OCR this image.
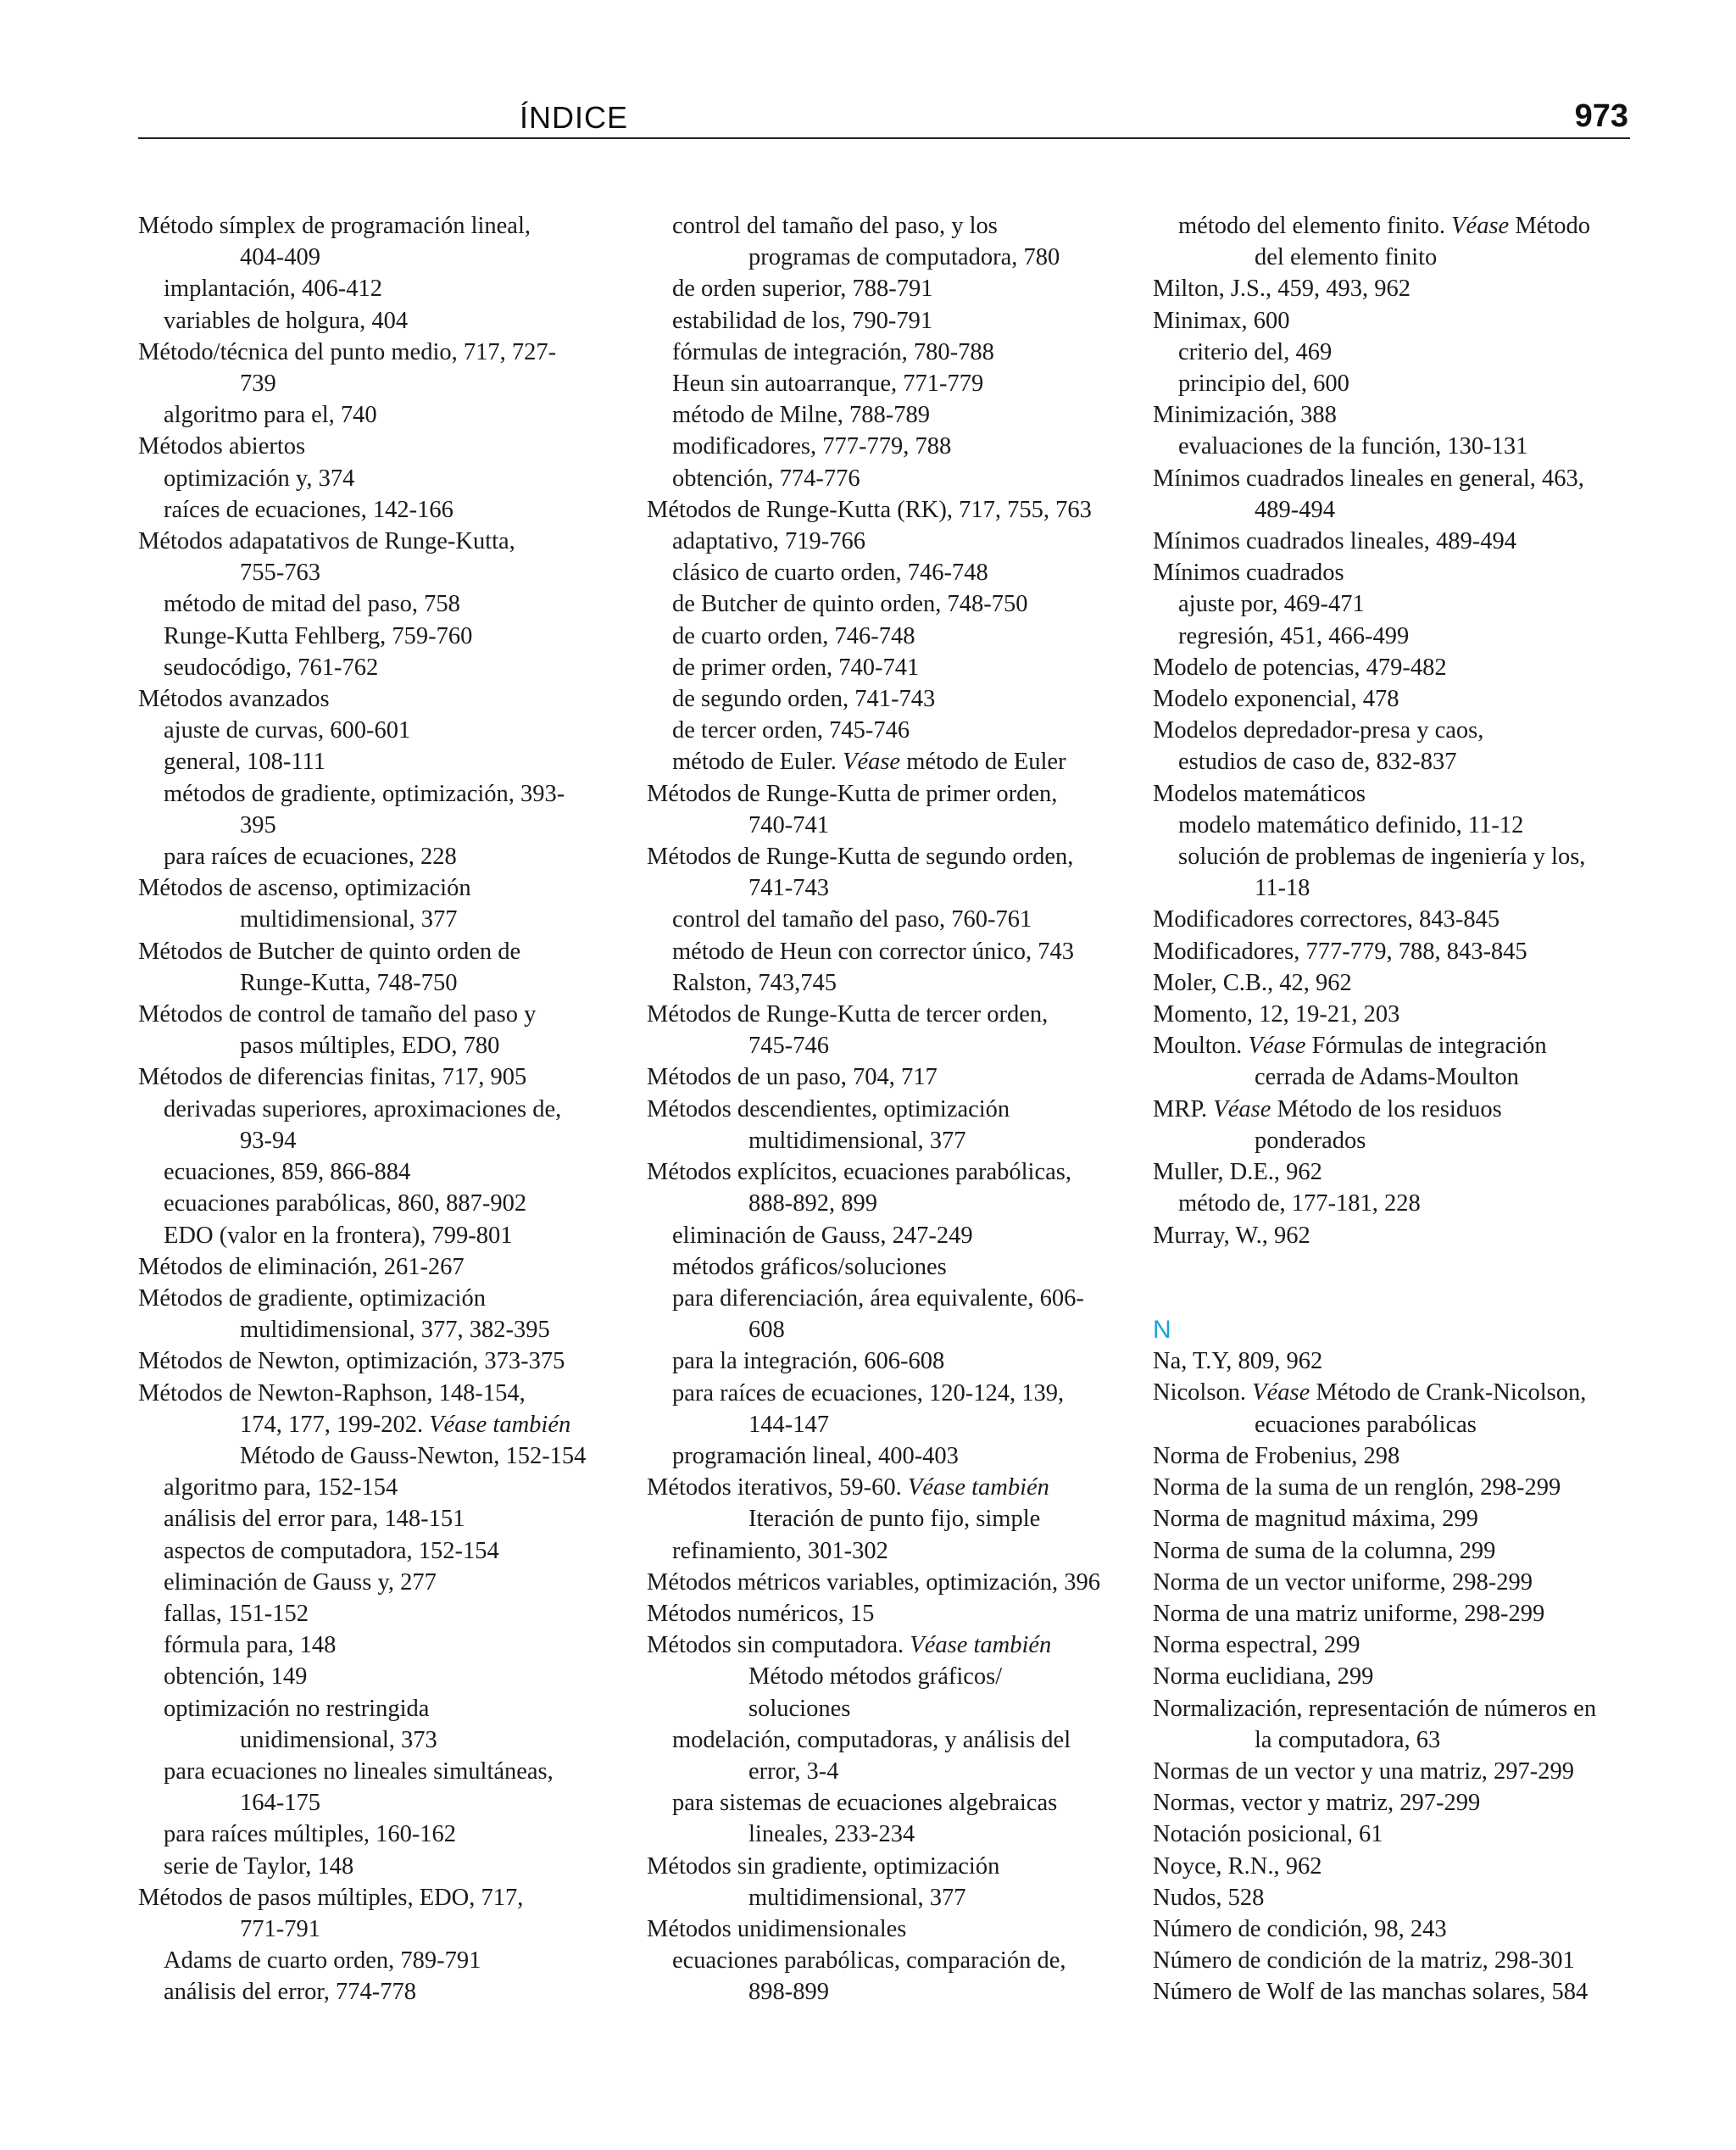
ÍNDICE	973
Método símplex de programación lineal,
404-409
implantación, 406-412
variables de holgura, 404
Método/técnica del punto medio, 717, 727-
739
algoritmo para el, 740
Métodos abiertos
optimización y, 374
raíces de ecuaciones, 142-166
Métodos adapatativos de Runge-Kutta,
755-763
método de mitad del paso, 758
Runge-Kutta Fehlberg, 759-760
seudocódigo, 761-762
Métodos avanzados
ajuste de curvas, 600-601
general, 108-111
métodos de gradiente, optimización, 393-
395
para raíces de ecuaciones, 228
Métodos de ascenso, optimización
multidimensional, 377
Métodos de Butcher de quinto orden de
Runge-Kutta, 748-750
Métodos de control de tamaño del paso y
pasos múltiples, EDO, 780
Métodos de diferencias finitas, 717, 905
derivadas superiores, aproximaciones de,
93-94
ecuaciones, 859, 866-884
ecuaciones parabólicas, 860, 887-902
EDO (valor en la frontera), 799-801
Métodos de eliminación, 261-267
Métodos de gradiente, optimización
multidimensional, 377, 382-395
Métodos de Newton, optimización, 373-375
Métodos de Newton-Raphson, 148-154,
174, 177, 199-202. Véase también
Método de Gauss-Newton, 152-154
algoritmo para, 152-154
análisis del error para, 148-151
aspectos de computadora, 152-154
eliminación de Gauss y, 277
fallas, 151-152
fórmula para, 148
obtención, 149
optimización no restringida
unidimensional, 373
para ecuaciones no lineales simultáneas,
164-175
para raíces múltiples, 160-162
serie de Taylor, 148
Métodos de pasos múltiples, EDO, 717,
771-791
Adams de cuarto orden, 789-791
análisis del error, 774-778
control del tamaño del paso, y los
programas de computadora, 780
de orden superior, 788-791
estabilidad de los, 790-791
fórmulas de integración, 780-788
Heun sin autoarranque, 771-779
método de Milne, 788-789
modificadores, 777-779, 788
obtención, 774-776
Métodos de Runge-Kutta (RK), 717, 755, 763
adaptativo, 719-766
clásico de cuarto orden, 746-748
de Butcher de quinto orden, 748-750
de cuarto orden, 746-748
de primer orden, 740-741
de segundo orden, 741-743
de tercer orden, 745-746
método de Euler. Véase método de Euler
Métodos de Runge-Kutta de primer orden,
740-741
Métodos de Runge-Kutta de segundo orden,
741-743
control del tamaño del paso, 760-761
método de Heun con corrector único, 743
Ralston, 743,745
Métodos de Runge-Kutta de tercer orden,
745-746
Métodos de un paso, 704, 717
Métodos descendientes, optimización
multidimensional, 377
Métodos explícitos, ecuaciones parabólicas,
888-892, 899
eliminación de Gauss, 247-249
métodos gráficos/soluciones
para diferenciación, área equivalente, 606-
608
para la integración, 606-608
para raíces de ecuaciones, 120-124, 139,
144-147
programación lineal, 400-403
Métodos iterativos, 59-60. Véase también
Iteración de punto fijo, simple
refinamiento, 301-302
Métodos métricos variables, optimización, 396
Métodos numéricos, 15
Métodos sin computadora. Véase también
Método métodos gráficos/
soluciones
modelación, computadoras, y análisis del
error, 3-4
para sistemas de ecuaciones algebraicas
lineales, 233-234
Métodos sin gradiente, optimización
multidimensional, 377
Métodos unidimensionales
ecuaciones parabólicas, comparación de,
898-899
método del elemento finito. Véase Método
del elemento finito
Milton, J.S., 459, 493, 962
Minimax, 600
criterio del, 469
principio del, 600
Minimización, 388
evaluaciones de la función, 130-131
Mínimos cuadrados lineales en general, 463,
489-494
Mínimos cuadrados lineales, 489-494
Mínimos cuadrados
ajuste por, 469-471
regresión, 451, 466-499
Modelo de potencias, 479-482
Modelo exponencial, 478
Modelos depredador-presa y caos,
estudios de caso de, 832-837
Modelos matemáticos
modelo matemático definido, 11-12
solución de problemas de ingeniería y los,
11-18
Modificadores correctores, 843-845
Modificadores, 777-779, 788, 843-845
Moler, C.B., 42, 962
Momento, 12, 19-21, 203
Moulton. Véase Fórmulas de integración
cerrada de Adams-Moulton
MRP. Véase Método de los residuos
ponderados
Muller, D.E., 962
método de, 177-181, 228
Murray, W., 962
N
Na, T.Y, 809, 962
Nicolson. Véase Método de Crank-Nicolson,
ecuaciones parabólicas
Norma de Frobenius, 298
Norma de la suma de un renglón, 298-299
Norma de magnitud máxima, 299
Norma de suma de la columna, 299
Norma de un vector uniforme, 298-299
Norma de una matriz uniforme, 298-299
Norma espectral, 299
Norma euclidiana, 299
Normalización, representación de números en
la computadora, 63
Normas de un vector y una matriz, 297-299
Normas, vector y matriz, 297-299
Notación posicional, 61
Noyce, R.N., 962
Nudos, 528
Número de condición, 98, 243
Número de condición de la matriz, 298-301
Número de Wolf de las manchas solares, 584
